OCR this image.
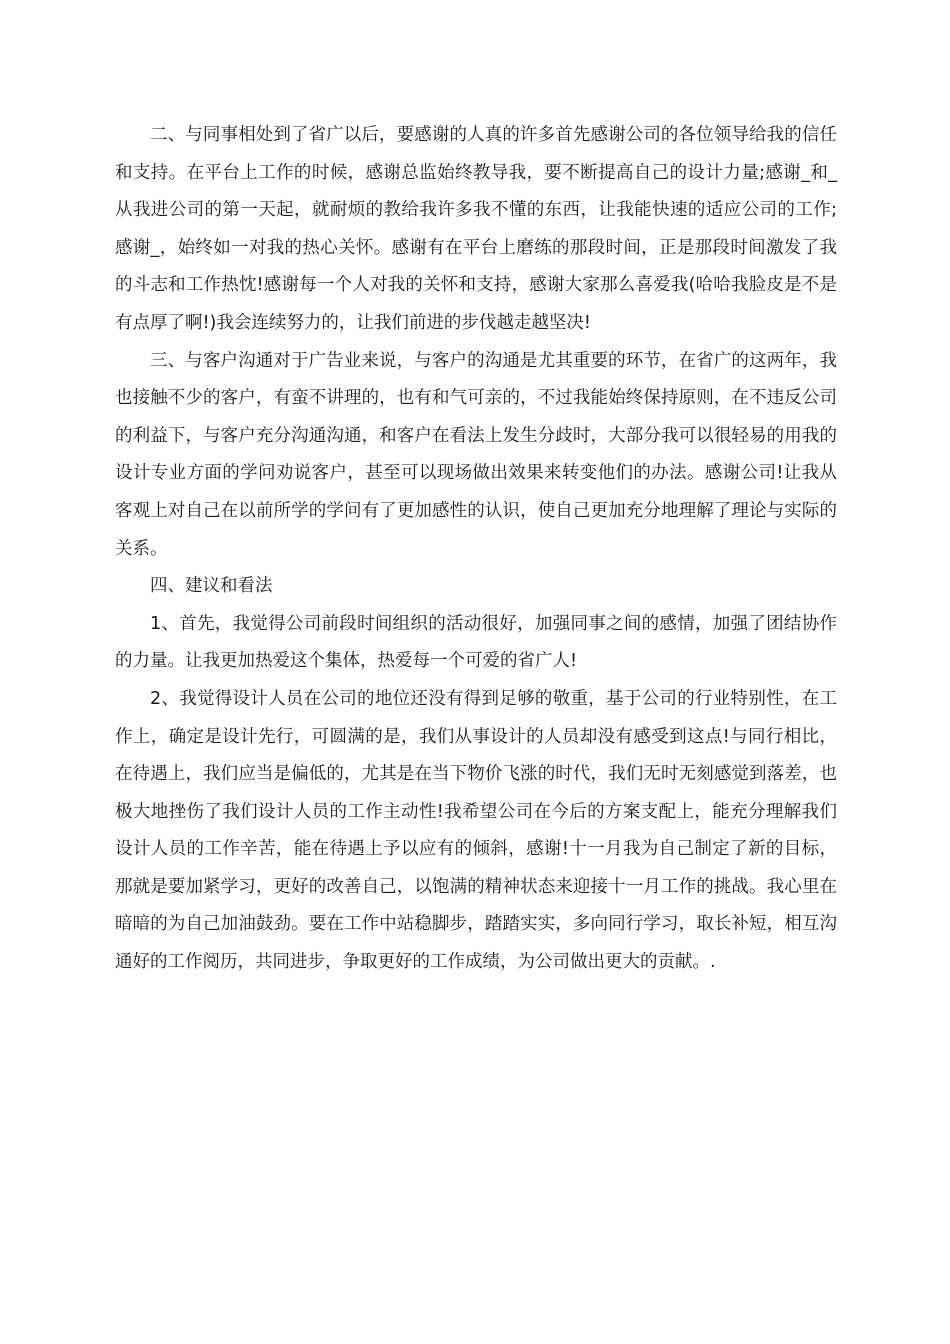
二、与同事相处到了省广以后，要感谢的人真的许多首先感谢公司的各位领导给我的信任和支持。在平台上工作的时候，感谢总监始终教导我，要不断提高自己的设计力量;感谢_和_从我进公司的第一天起，就耐烦的教给我许多我不懂的东西，让我能快速的适应公司的工作;感谢_，始终如一对我的热心关怀。感谢有在平台上磨练的那段时间，正是那段时间激发了我的斗志和工作热忱!感谢每一个人对我的关怀和支持，感谢大家那么喜爱我(哈哈我脸皮是不是有点厚了啊!)我会连续努力的，让我们前进的步伐越走越坚决!

三、与客户沟通对于广告业来说，与客户的沟通是尤其重要的环节，在省广的这两年，我也接触不少的客户，有蛮不讲理的，也有和气可亲的，不过我能始终保持原则，在不违反公司的利益下，与客户充分沟通沟通，和客户在看法上发生分歧时，大部分我可以很轻易的用我的设计专业方面的学问劝说客户，甚至可以现场做出效果来转变他们的办法。感谢公司!让我从客观上对自己在以前所学的学问有了更加感性的认识，使自己更加充分地理解了理论与实际的关系。

四、建议和看法

1、首先，我觉得公司前段时间组织的活动很好，加强同事之间的感情，加强了团结协作的力量。让我更加热爱这个集体，热爱每一个可爱的省广人!

2、我觉得设计人员在公司的地位还没有得到足够的敬重，基于公司的行业特别性，在工作上，确定是设计先行，可圆满的是，我们从事设计的人员却没有感受到这点!与同行相比，在待遇上，我们应当是偏低的，尤其是在当下物价飞涨的时代，我们无时无刻感觉到落差，也极大地挫伤了我们设计人员的工作主动性!我希望公司在今后的方案支配上，能充分理解我们设计人员的工作辛苦，能在待遇上予以应有的倾斜，感谢!十一月我为自己制定了新的目标，那就是要加紧学习，更好的改善自己，以饱满的精神状态来迎接十一月工作的挑战。我心里在暗暗的为自己加油鼓劲。要在工作中站稳脚步，踏踏实实，多向同行学习，取长补短，相互沟通好的工作阅历，共同进步，争取更好的工作成绩，为公司做出更大的贡献。.
